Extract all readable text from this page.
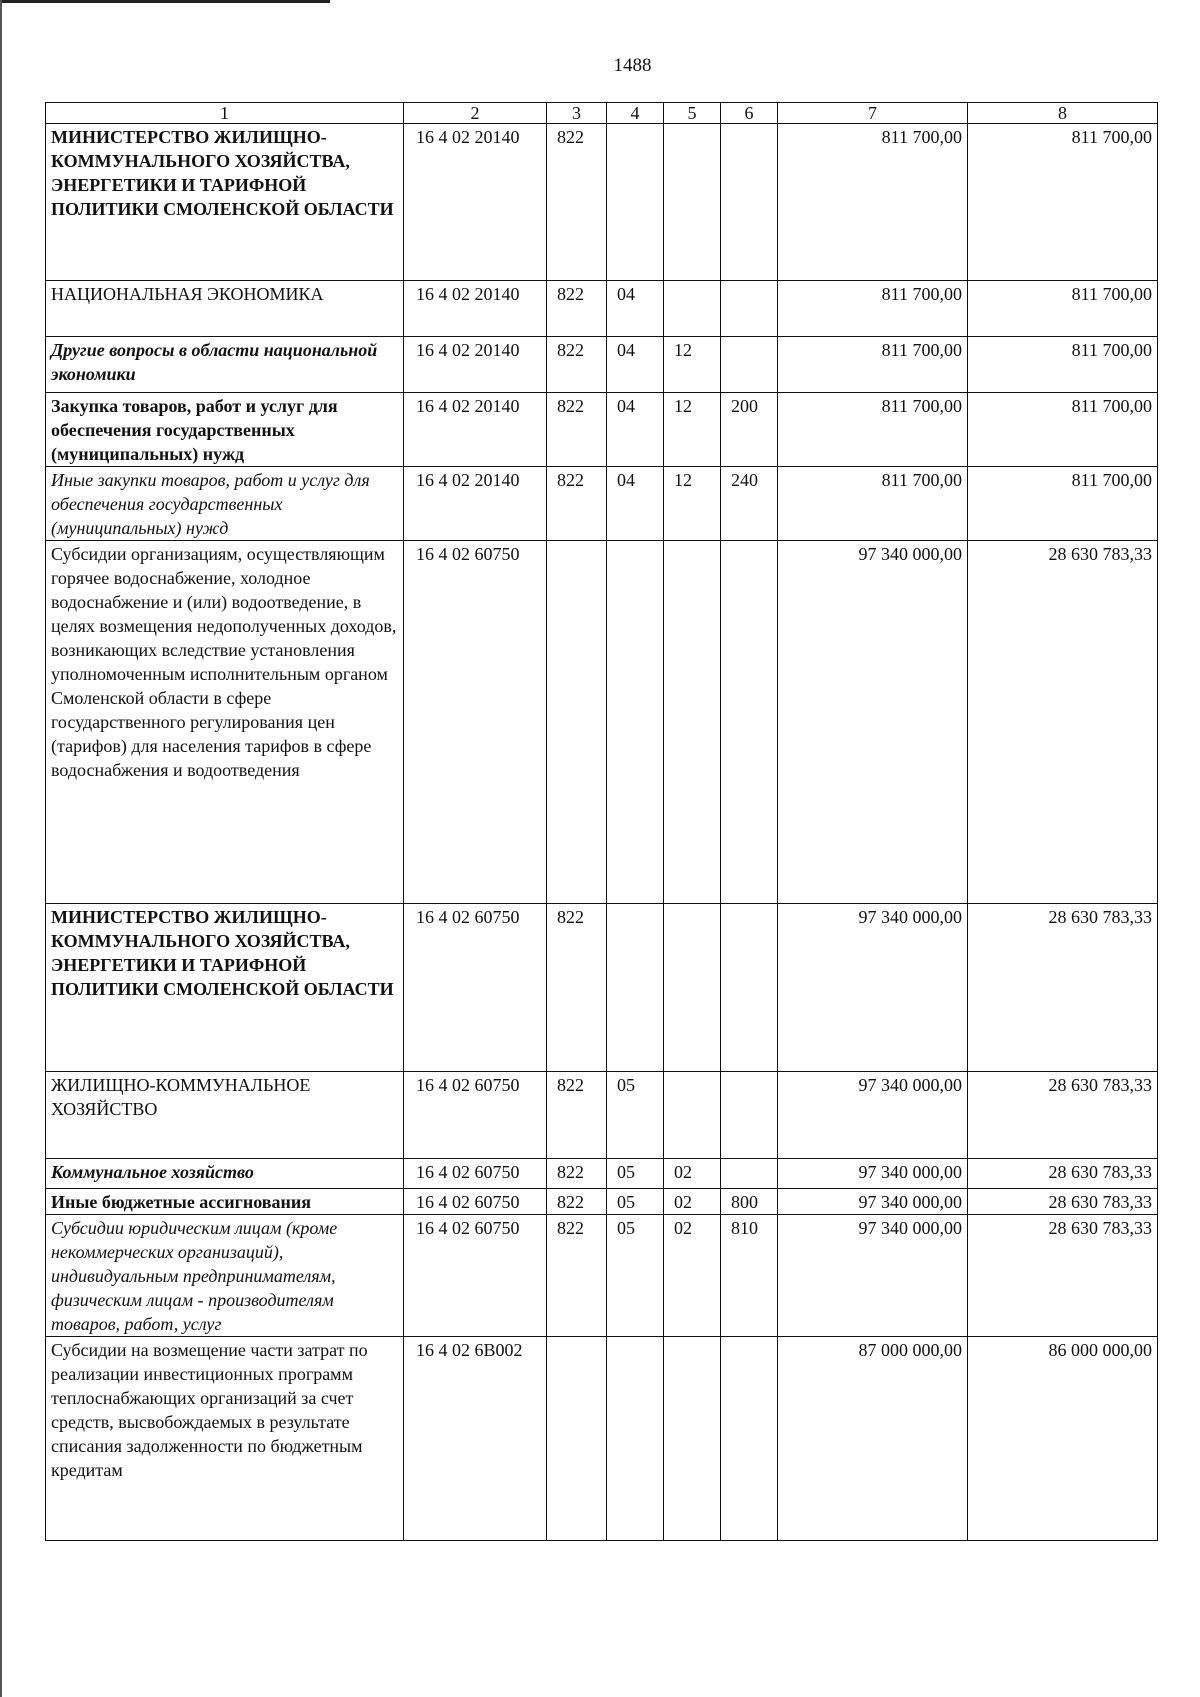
1488
1	2	3	4	5	6	7	8
МИНИСТЕРСТВО ЖИЛИЩНО-КОММУНАЛЬНОГО ХОЗЯЙСТВА, ЭНЕРГЕТИКИ И ТАРИФНОЙ ПОЛИТИКИ СМОЛЕНСКОЙ ОБЛАСТИ	16 4 02 20140	822				811 700,00	811 700,00
НАЦИОНАЛЬНАЯ ЭКОНОМИКА	16 4 02 20140	822	04			811 700,00	811 700,00
Другие вопросы в области национальной экономики	16 4 02 20140	822	04	12		811 700,00	811 700,00
Закупка товаров, работ и услуг для обеспечения государственных (муниципальных) нужд	16 4 02 20140	822	04	12	200	811 700,00	811 700,00
Иные закупки товаров, работ и услуг для обеспечения государственных (муниципальных) нужд	16 4 02 20140	822	04	12	240	811 700,00	811 700,00
Субсидии организациям, осуществляющим горячее водоснабжение, холодное водоснабжение и (или) водоотведение, в целях возмещения недополученных доходов, возникающих вследствие установления уполномоченным исполнительным органом Смоленской области в сфере государственного регулирования цен (тарифов) для населения тарифов в сфере водоснабжения и водоотведения	16 4 02 60750					97 340 000,00	28 630 783,33
МИНИСТЕРСТВО ЖИЛИЩНО-КОММУНАЛЬНОГО ХОЗЯЙСТВА, ЭНЕРГЕТИКИ И ТАРИФНОЙ ПОЛИТИКИ СМОЛЕНСКОЙ ОБЛАСТИ	16 4 02 60750	822				97 340 000,00	28 630 783,33
ЖИЛИЩНО-КОММУНАЛЬНОЕ ХОЗЯЙСТВО	16 4 02 60750	822	05			97 340 000,00	28 630 783,33
Коммунальное хозяйство	16 4 02 60750	822	05	02		97 340 000,00	28 630 783,33
Иные бюджетные ассигнования	16 4 02 60750	822	05	02	800	97 340 000,00	28 630 783,33
Субсидии юридическим лицам (кроме некоммерческих организаций), индивидуальным предпринимателям, физическим лицам - производителям товаров, работ, услуг	16 4 02 60750	822	05	02	810	97 340 000,00	28 630 783,33
Субсидии на возмещение части затрат по реализации инвестиционных программ теплоснабжающих организаций за счет средств, высвобождаемых в результате списания задолженности по бюджетным кредитам	16 4 02 6В002					87 000 000,00	86 000 000,00
